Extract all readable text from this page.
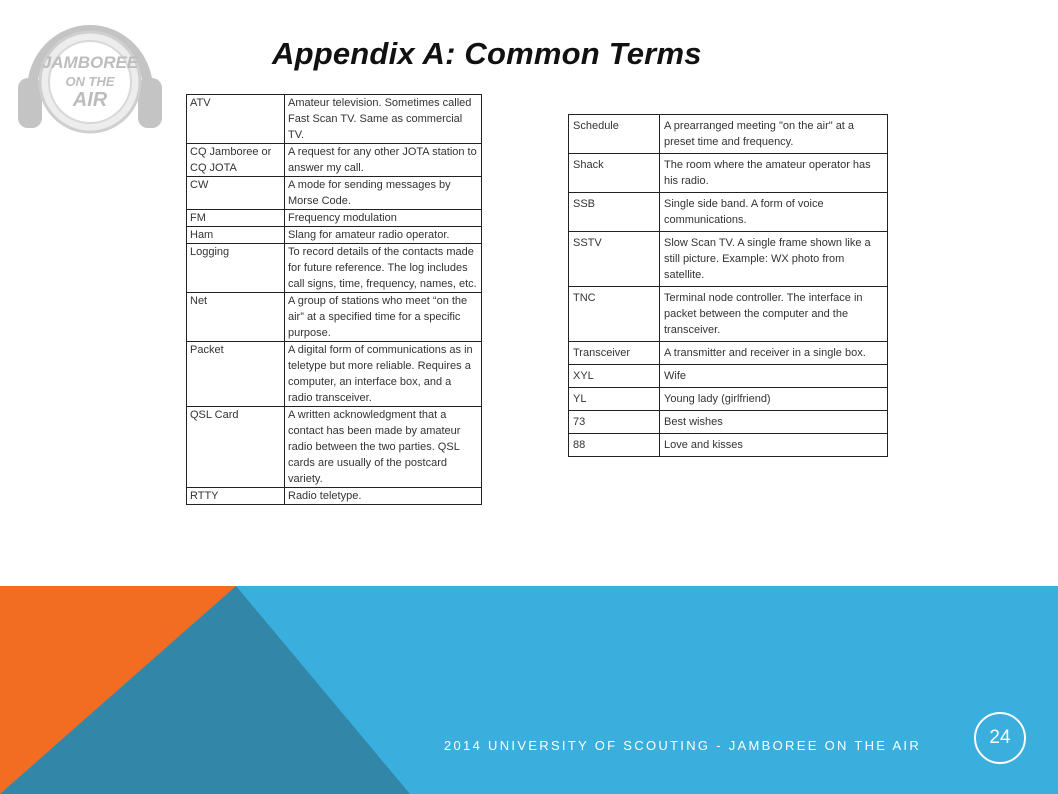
JAMBOREE
ON THE
AIR
Appendix A: Common Terms
ATV	Amateur television. Sometimes called Fast Scan TV. Same as commercial TV.
CQ Jamboree or CQ JOTA	A request for any other JOTA station to answer my call.
CW	A mode for sending messages by Morse Code.
FM	Frequency modulation
Ham	Slang for amateur radio operator.
Logging	To record details of the contacts made for future reference. The log includes call signs, time, frequency, names, etc.
Net	A group of stations who meet “on the air” at a specified time for a specific purpose.
Packet	A digital form of communications as in teletype but more reliable. Requires a computer, an interface box, and a radio transceiver.
QSL Card	A written acknowledgment that a contact has been made by amateur radio between the two parties. QSL cards are usually of the postcard variety.
RTTY	Radio teletype.
Schedule	A prearranged meeting "on the air" at a preset time and frequency.
Shack	The room where the amateur operator has his radio.
SSB	Single side band. A form of voice communications.
SSTV	Slow Scan TV. A single frame shown like a still picture. Example: WX photo from satellite.
TNC	Terminal node controller. The interface in packet between the computer and the transceiver.
Transceiver	A transmitter and receiver in a single box.
XYL	Wife
YL	Young lady (girlfriend)
73	Best wishes
88	Love and kisses
2014 UNIVERSITY OF SCOUTING - JAMBOREE ON THE AIR	24
